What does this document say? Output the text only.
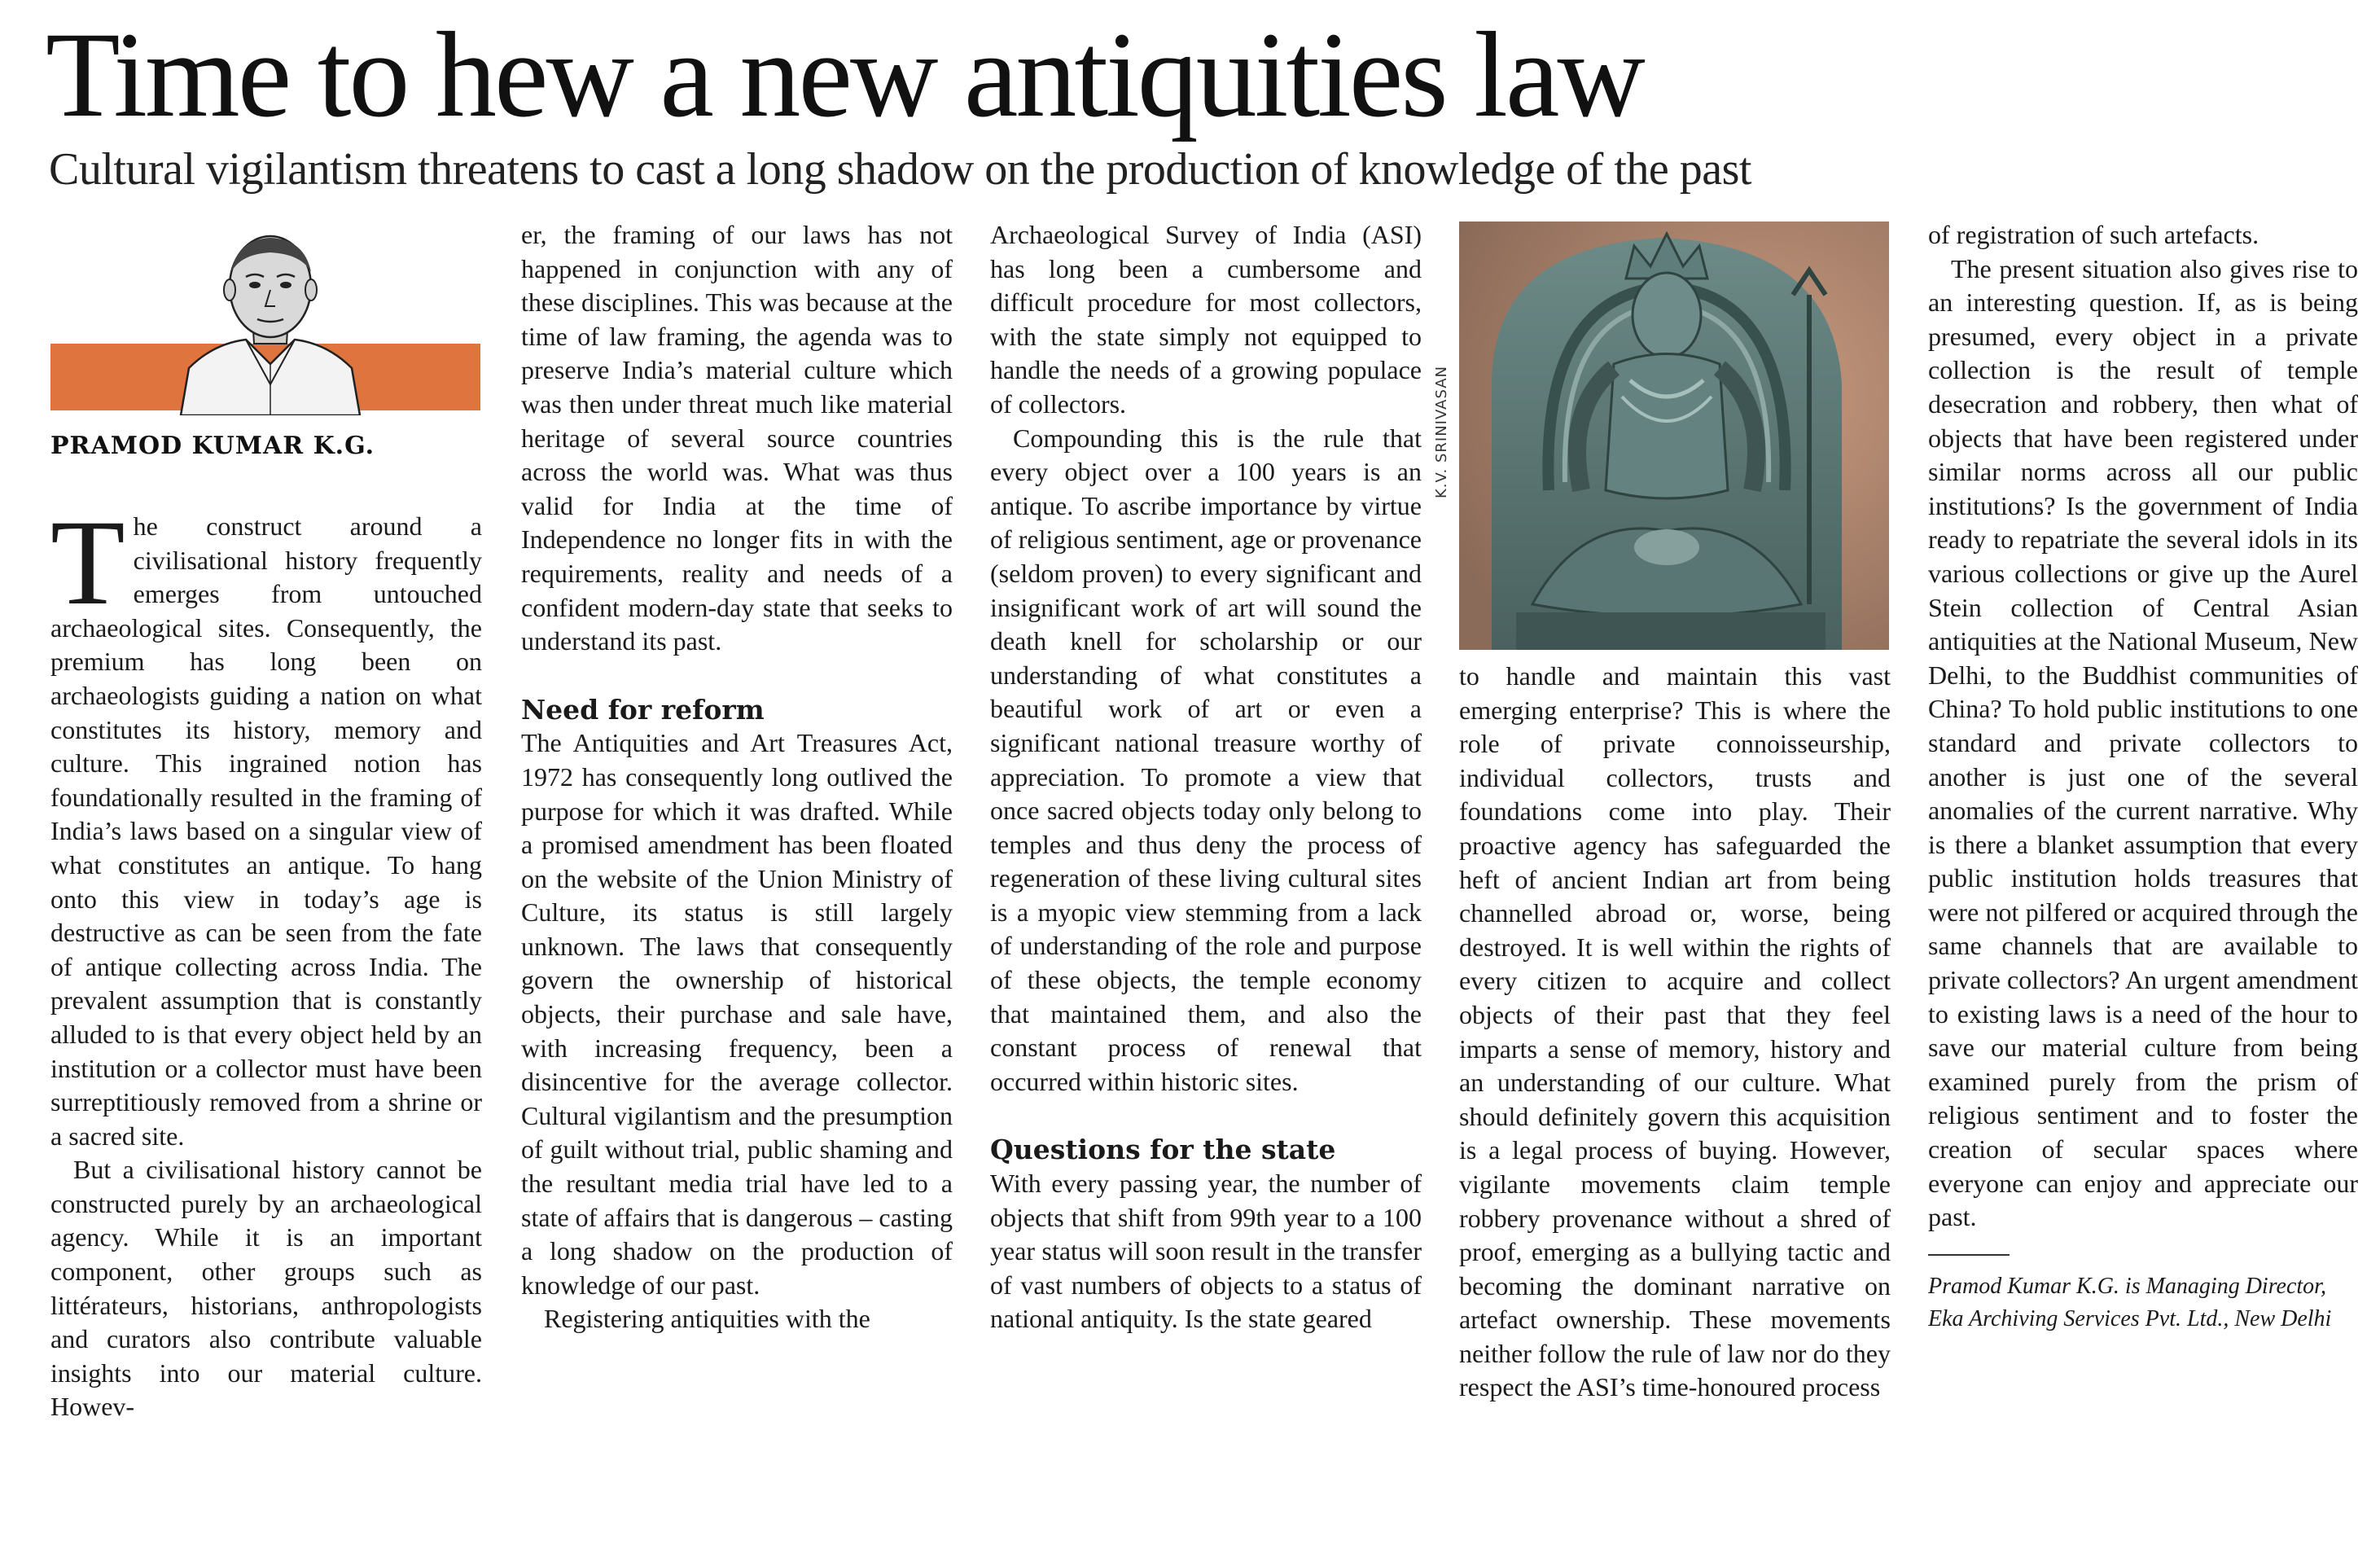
Time to hew a new antiquities law

Cultural vigilantism threatens to cast a long shadow on the production of knowledge of the past

PRAMOD KUMAR K.G.

The construct around a civilisational history frequently emerges from untouched archaeological sites. Consequently, the premium has long been on archaeologists guiding a nation on what constitutes its history, memory and culture. This ingrained notion has foundationally resulted in the framing of India’s laws based on a singular view of what constitutes an antique. To hang onto this view in today’s age is destructive as can be seen from the fate of antique collecting across India. The prevalent assumption that is constantly alluded to is that every object held by an institution or a collector must have been surreptitiously removed from a shrine or a sacred site.

But a civilisational history cannot be constructed purely by an archaeological agency. While it is an important component, other groups such as littérateurs, historians, anthropologists and curators also contribute valuable insights into our material culture. Howev-

er, the framing of our laws has not happened in conjunction with any of these disciplines. This was because at the time of law framing, the agenda was to preserve India’s material culture which was then under threat much like material heritage of several source countries across the world was. What was thus valid for India at the time of Independence no longer fits in with the requirements, reality and needs of a confident modern-day state that seeks to understand its past.

Need for reform

The Antiquities and Art Treasures Act, 1972 has consequently long outlived the purpose for which it was drafted. While a promised amendment has been floated on the website of the Union Ministry of Culture, its status is still largely unknown. The laws that consequently govern the ownership of historical objects, their purchase and sale have, with increasing frequency, been a disincentive for the average collector. Cultural vigilantism and the presumption of guilt without trial, public shaming and the resultant media trial have led to a state of affairs that is dangerous – casting a long shadow on the production of knowledge of our past.

Registering antiquities with the

Archaeological Survey of India (ASI) has long been a cumbersome and difficult procedure for most collectors, with the state simply not equipped to handle the needs of a growing populace of collectors.

Compounding this is the rule that every object over a 100 years is an antique. To ascribe importance by virtue of religious sentiment, age or provenance (seldom proven) to every significant and insignificant work of art will sound the death knell for scholarship or our understanding of what constitutes a beautiful work of art or even a significant national treasure worthy of appreciation. To promote a view that once sacred objects today only belong to temples and thus deny the process of regeneration of these living cultural sites is a myopic view stemming from a lack of understanding of the role and purpose of these objects, the temple economy that maintained them, and also the constant process of renewal that occurred within historic sites.

Questions for the state

With every passing year, the number of objects that shift from 99th year to a 100 year status will soon result in the transfer of vast numbers of objects to a status of national antiquity. Is the state geared

K.V. SRINIVASAN

to handle and maintain this vast emerging enterprise? This is where the role of private connoisseurship, individual collectors, trusts and foundations come into play. Their proactive agency has safeguarded the heft of ancient Indian art from being channelled abroad or, worse, being destroyed. It is well within the rights of every citizen to acquire and collect objects of their past that they feel imparts a sense of memory, history and an understanding of our culture. What should definitely govern this acquisition is a legal process of buying. However, vigilante movements claim temple robbery provenance without a shred of proof, emerging as a bullying tactic and becoming the dominant narrative on artefact ownership. These movements neither follow the rule of law nor do they respect the ASI’s time-honoured process

of registration of such artefacts.

The present situation also gives rise to an interesting question. If, as is being presumed, every object in a private collection is the result of temple desecration and robbery, then what of objects that have been registered under similar norms across all our public institutions? Is the government of India ready to repatriate the several idols in its various collections or give up the Aurel Stein collection of Central Asian antiquities at the National Museum, New Delhi, to the Buddhist communities of China? To hold public institutions to one standard and private collectors to another is just one of the several anomalies of the current narrative. Why is there a blanket assumption that every public institution holds treasures that were not pilfered or acquired through the same channels that are available to private collectors? An urgent amendment to existing laws is a need of the hour to save our material culture from being examined purely from the prism of religious sentiment and to foster the creation of secular spaces where everyone can enjoy and appreciate our past.

Pramod Kumar K.G. is Managing Director, Eka Archiving Services Pvt. Ltd., New Delhi
